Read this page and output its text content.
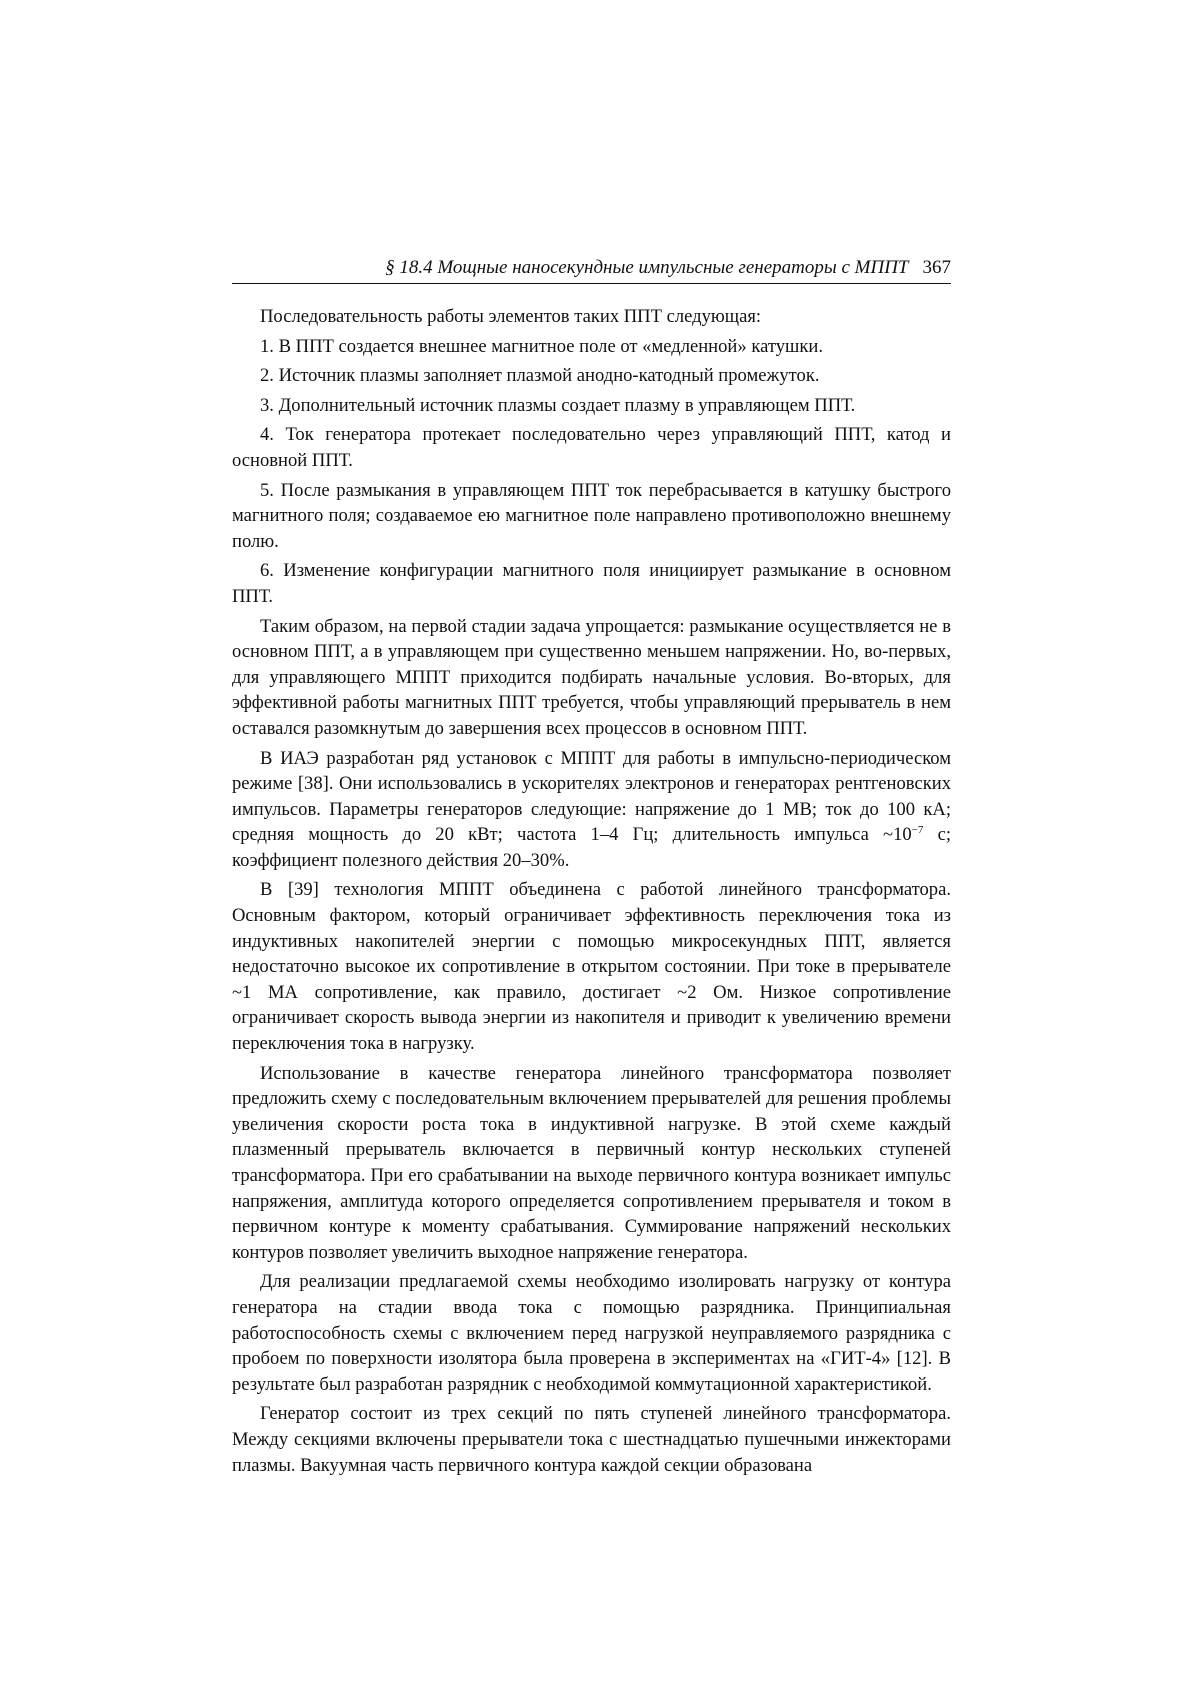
§ 18.4 Мощные наносекундные импульсные генераторы с МППТ 367

Последовательность работы элементов таких ППТ следующая:

1. В ППТ создается внешнее магнитное поле от «медленной» катушки.

2. Источник плазмы заполняет плазмой анодно-катодный промежуток.

3. Дополнительный источник плазмы создает плазму в управляющем ППТ.

4. Ток генератора протекает последовательно через управляющий ППТ, катод и основной ППТ.

5. После размыкания в управляющем ППТ ток перебрасывается в катушку быстрого магнитного поля; создаваемое ею магнитное поле направлено противоположно внешнему полю.

6. Изменение конфигурации магнитного поля инициирует размыкание в основном ППТ.

Таким образом, на первой стадии задача упрощается: размыкание осуществляется не в основном ППТ, а в управляющем при существенно меньшем напряжении. Но, во-первых, для управляющего МППТ приходится подбирать начальные условия. Во-вторых, для эффективной работы магнитных ППТ требуется, чтобы управляющий прерыватель в нем оставался разомкнутым до завершения всех процессов в основном ППТ.

В ИАЭ разработан ряд установок с МППТ для работы в импульсно-периодическом режиме [38]. Они использовались в ускорителях электронов и генераторах рентгеновских импульсов. Параметры генераторов следующие: напряжение до 1 МВ; ток до 100 кА; средняя мощность до 20 кВт; частота 1–4 Гц; длительность импульса $\sim 10^{-7}$ с; коэффициент полезного действия 20–30%.

В [39] технология МППТ объединена с работой линейного трансформатора. Основным фактором, который ограничивает эффективность переключения тока из индуктивных накопителей энергии с помощью микросекундных ППТ, является недостаточно высокое их сопротивление в открытом состоянии. При токе в прерывателе ~1 МА сопротивление, как правило, достигает ~2 Ом. Низкое сопротивление ограничивает скорость вывода энергии из накопителя и приводит к увеличению времени переключения тока в нагрузку.

Использование в качестве генератора линейного трансформатора позволяет предложить схему с последовательным включением прерывателей для решения проблемы увеличения скорости роста тока в индуктивной нагрузке. В этой схеме каждый плазменный прерыватель включается в первичный контур нескольких ступеней трансформатора. При его срабатывании на выходе первичного контура возникает импульс напряжения, амплитуда которого определяется сопротивлением прерывателя и током в первичном контуре к моменту срабатывания. Суммирование напряжений нескольких контуров позволяет увеличить выходное напряжение генератора.

Для реализации предлагаемой схемы необходимо изолировать нагрузку от контура генератора на стадии ввода тока с помощью разрядника. Принципиальная работоспособность схемы с включением перед нагрузкой неуправляемого разрядника с пробоем по поверхности изолятора была проверена в экспериментах на «ГИТ-4» [12]. В результате был разработан разрядник с необходимой коммутационной характеристикой.

Генератор состоит из трех секций по пять ступеней линейного трансформатора. Между секциями включены прерыватели тока с шестнадцатью пушечными инжекторами плазмы. Вакуумная часть первичного контура каждой секции образована
